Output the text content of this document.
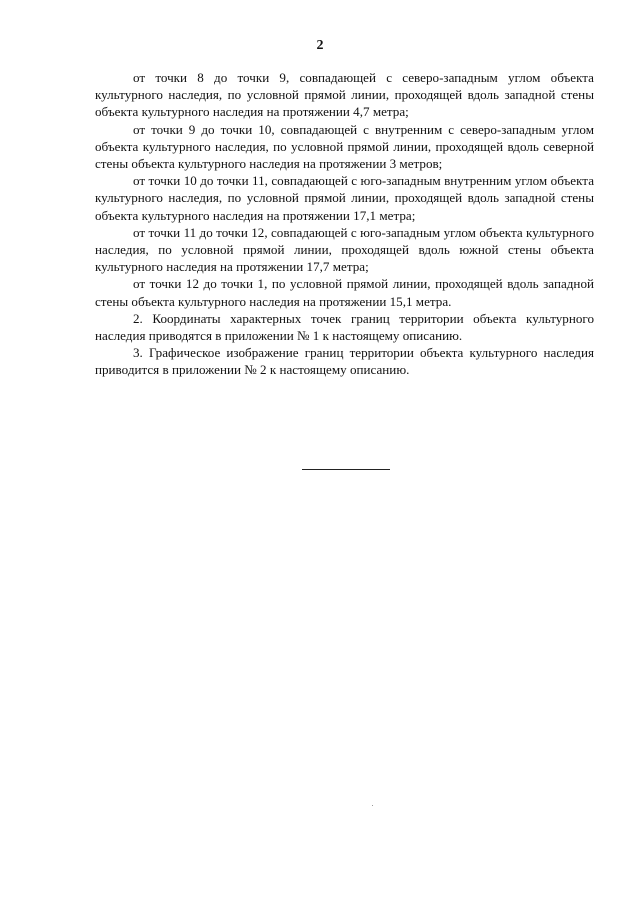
2

от точки 8 до точки 9, совпадающей с северо-западным углом объекта культурного наследия, по условной прямой линии, проходящей вдоль западной стены объекта культурного наследия на протяжении 4,7 метра;

от точки 9 до точки 10, совпадающей с внутренним с северо-западным углом объекта культурного наследия, по условной прямой линии, проходящей вдоль северной стены объекта культурного наследия на протяжении 3 метров;

от точки 10 до точки 11, совпадающей с юго-западным внутренним углом объекта культурного наследия, по условной прямой линии, проходящей вдоль западной стены объекта культурного наследия на протяжении 17,1 метра;

от точки 11 до точки 12, совпадающей с юго-западным углом объекта культурного наследия, по условной прямой линии, проходящей вдоль южной стены объекта культурного наследия на протяжении 17,7 метра;

от точки 12 до точки 1, по условной прямой линии, проходящей вдоль западной стены объекта культурного наследия на протяжении 15,1 метра.

2. Координаты характерных точек границ территории объекта культурного наследия приводятся в приложении № 1 к настоящему описанию.

3. Графическое изображение границ территории объекта культурного наследия приводится в приложении № 2 к настоящему описанию.
